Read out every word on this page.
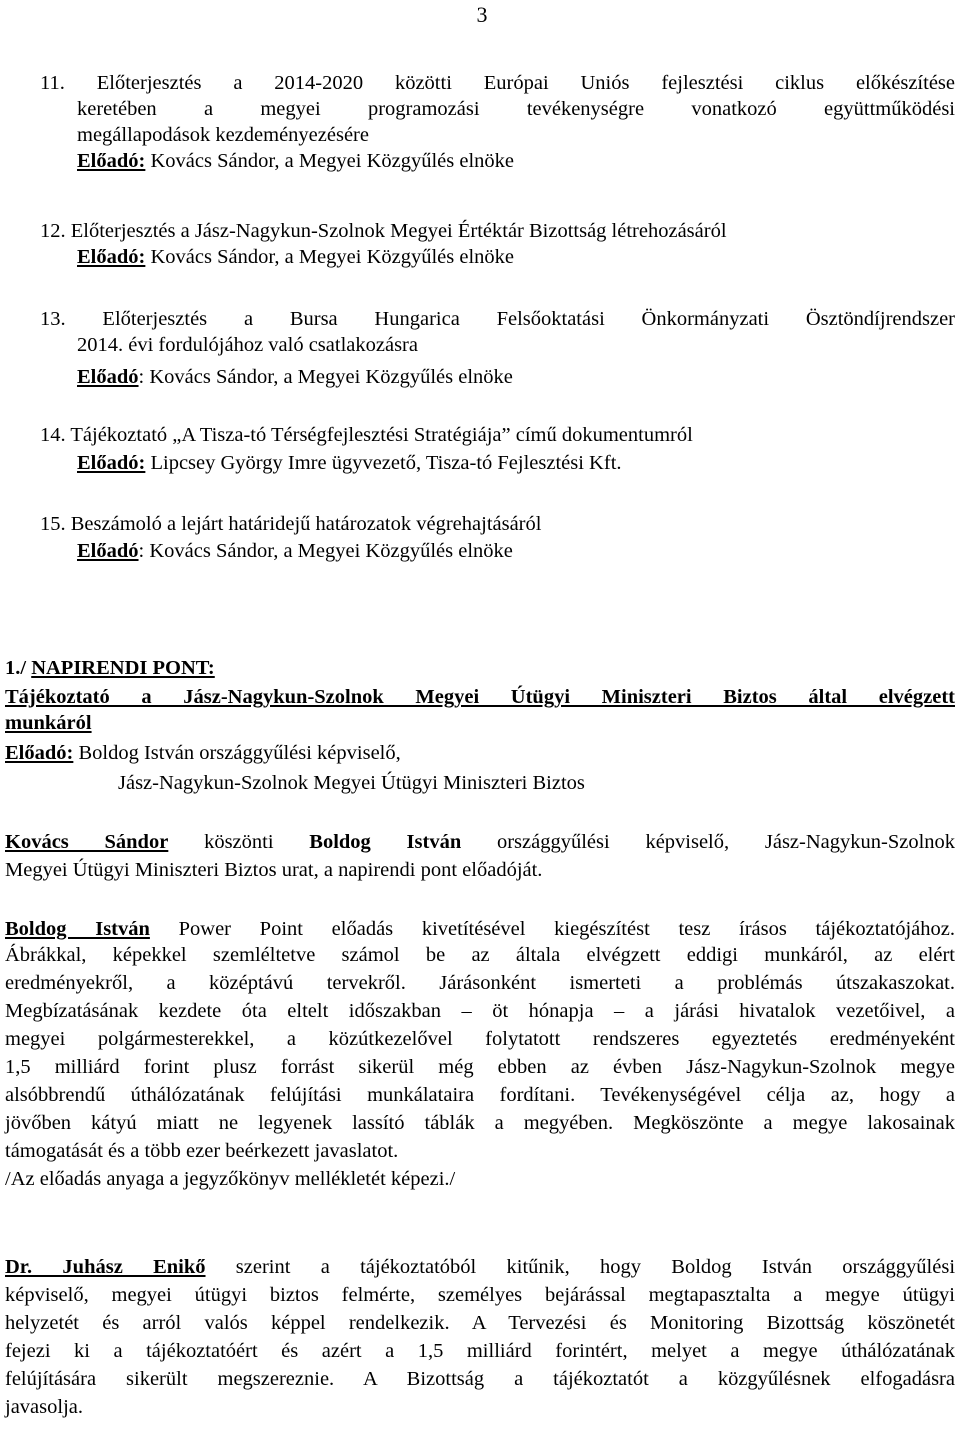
3
11. Előterjesztés a 2014-2020 közötti Európai Uniós fejlesztési ciklus előkészítése
keretében a megyei programozási tevékenységre vonatkozó együttműködési
megállapodások kezdeményezésére
Előadó: Kovács Sándor, a Megyei Közgyűlés elnöke
12. Előterjesztés a Jász-Nagykun-Szolnok Megyei Értéktár Bizottság létrehozásáról
Előadó: Kovács Sándor, a Megyei Közgyűlés elnöke
13. Előterjesztés a Bursa Hungarica Felsőoktatási Önkormányzati Ösztöndíjrendszer
2014. évi fordulójához való csatlakozásra
Előadó: Kovács Sándor, a Megyei Közgyűlés elnöke
14. Tájékoztató „A Tisza-tó Térségfejlesztési Stratégiája” című dokumentumról
Előadó: Lipcsey György Imre ügyvezető, Tisza-tó Fejlesztési Kft.
15. Beszámoló a lejárt határidejű határozatok végrehajtásáról
Előadó: Kovács Sándor, a Megyei Közgyűlés elnöke
1./ NAPIRENDI PONT:
Tájékoztató a Jász-Nagykun-Szolnok Megyei Útügyi Miniszteri Biztos által elvégzett
munkáról
Előadó: Boldog István országgyűlési képviselő,
Jász-Nagykun-Szolnok Megyei Útügyi Miniszteri Biztos
Kovács Sándor köszönti Boldog István országgyűlési képviselő, Jász-Nagykun-Szolnok
Megyei Útügyi Miniszteri Biztos urat, a napirendi pont előadóját.
Boldog István Power Point előadás kivetítésével kiegészítést tesz írásos tájékoztatójához.
Ábrákkal, képekkel szemléltetve számol be az általa elvégzett eddigi munkáról, az elért
eredményekről, a középtávú tervekről. Járásonként ismerteti a problémás útszakaszokat.
Megbízatásának kezdete óta eltelt időszakban – öt hónapja – a járási hivatalok vezetőivel, a
megyei polgármesterekkel, a közútkezelővel folytatott rendszeres egyeztetés eredményeként
1,5 milliárd forint plusz forrást sikerül még ebben az évben Jász-Nagykun-Szolnok megye
alsóbbrendű úthálózatának felújítási munkálataira fordítani. Tevékenységével célja az, hogy a
jövőben kátyú miatt ne legyenek lassító táblák a megyében. Megköszönte a megye lakosainak
támogatását és a több ezer beérkezett javaslatot.
/Az előadás anyaga a jegyzőkönyv mellékletét képezi./
Dr. Juhász Enikő szerint a tájékoztatóból kitűnik, hogy Boldog István országgyűlési
képviselő, megyei útügyi biztos felmérte, személyes bejárással megtapasztalta a megye útügyi
helyzetét és arról valós képpel rendelkezik. A Tervezési és Monitoring Bizottság köszönetét
fejezi ki a tájékoztatóért és azért a 1,5 milliárd forintért, melyet a megye úthálózatának
felújítására sikerült megszereznie. A Bizottság a tájékoztatót a közgyűlésnek elfogadásra
javasolja.
